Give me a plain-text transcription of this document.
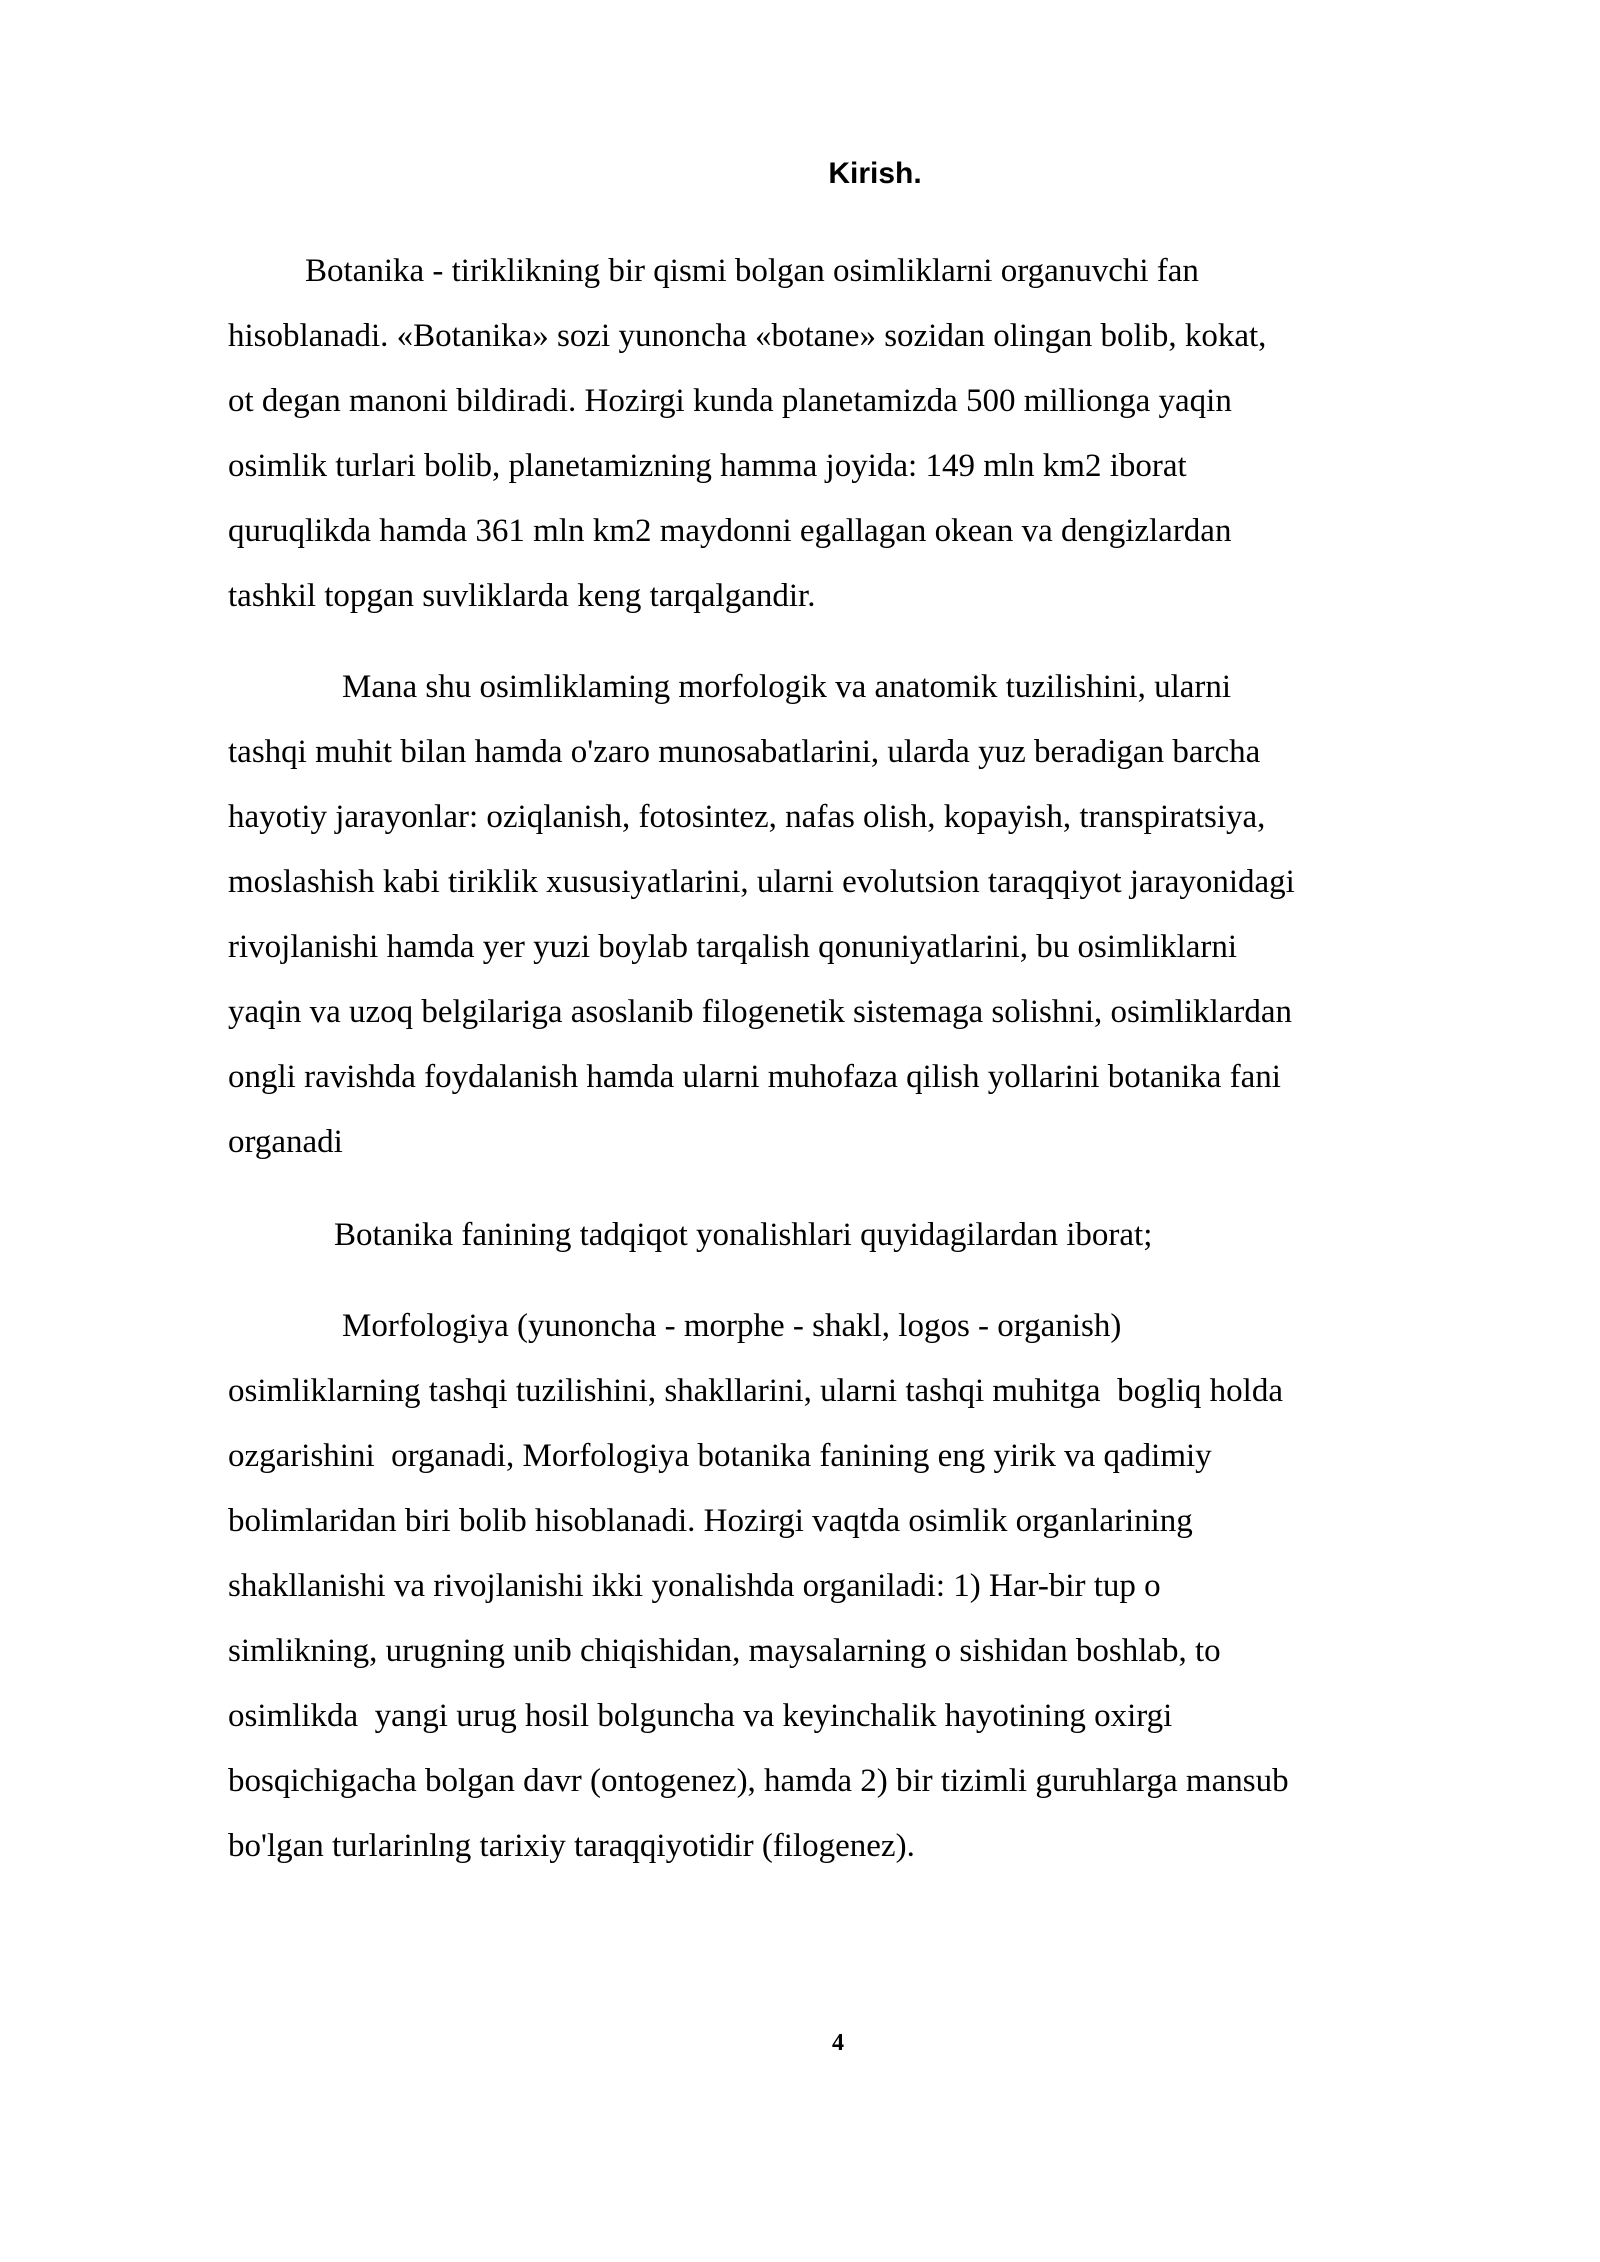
Kirish.
Botanika - tiriklikning bir qismi bolgan osimliklarni organuvchi fan
hisoblanadi. «Botanika» sozi yunoncha «botane» sozidan olingan bolib, kokat,
ot degan manoni bildiradi. Hozirgi kunda planetamizda 500 millionga yaqin
osimlik turlari bolib, planetamizning hamma joyida: 149 mln km2 iborat
quruqlikda hamda 361 mln km2 maydonni egallagan okean va dengizlardan
tashkil topgan suvliklarda keng tarqalgandir.
Mana shu osimliklaming morfologik va anatomik tuzilishini, ularni
tashqi muhit bilan hamda o'zaro munosabatlarini, ularda yuz beradigan barcha
hayotiy jarayonlar: oziqlanish, fotosintez, nafas olish, kopayish, transpiratsiya,
moslashish kabi tiriklik xususiyatlarini, ularni evolutsion taraqqiyot jarayonidagi
rivojlanishi hamda yer yuzi boylab tarqalish qonuniyatlarini, bu osimliklarni
yaqin va uzoq belgilariga asoslanib filogenetik sistemaga solishni, osimliklardan
ongli ravishda foydalanish hamda ularni muhofaza qilish yollarini botanika fani
organadi
Botanika fanining tadqiqot yonalishlari quyidagilardan iborat;
Morfologiya (yunoncha - morphe - shakl, logos - organish)
osimliklarning tashqi tuzilishini, shakllarini, ularni tashqi muhitga  bogliq holda
ozgarishini  organadi, Morfologiya botanika fanining eng yirik va qadimiy
bolimlaridan biri bolib hisoblanadi. Hozirgi vaqtda osimlik organlarining
shakllanishi va rivojlanishi ikki yonalishda organiladi: 1) Har-bir tup o
simlikning, urugning unib chiqishidan, maysalarning o sishidan boshlab, to
osimlikda  yangi urug hosil bolguncha va keyinchalik hayotining oxirgi
bosqichigacha bolgan davr (ontogenez), hamda 2) bir tizimli guruhlarga mansub
bo'lgan turlarinlng tarixiy taraqqiyotidir (filogenez).
4
